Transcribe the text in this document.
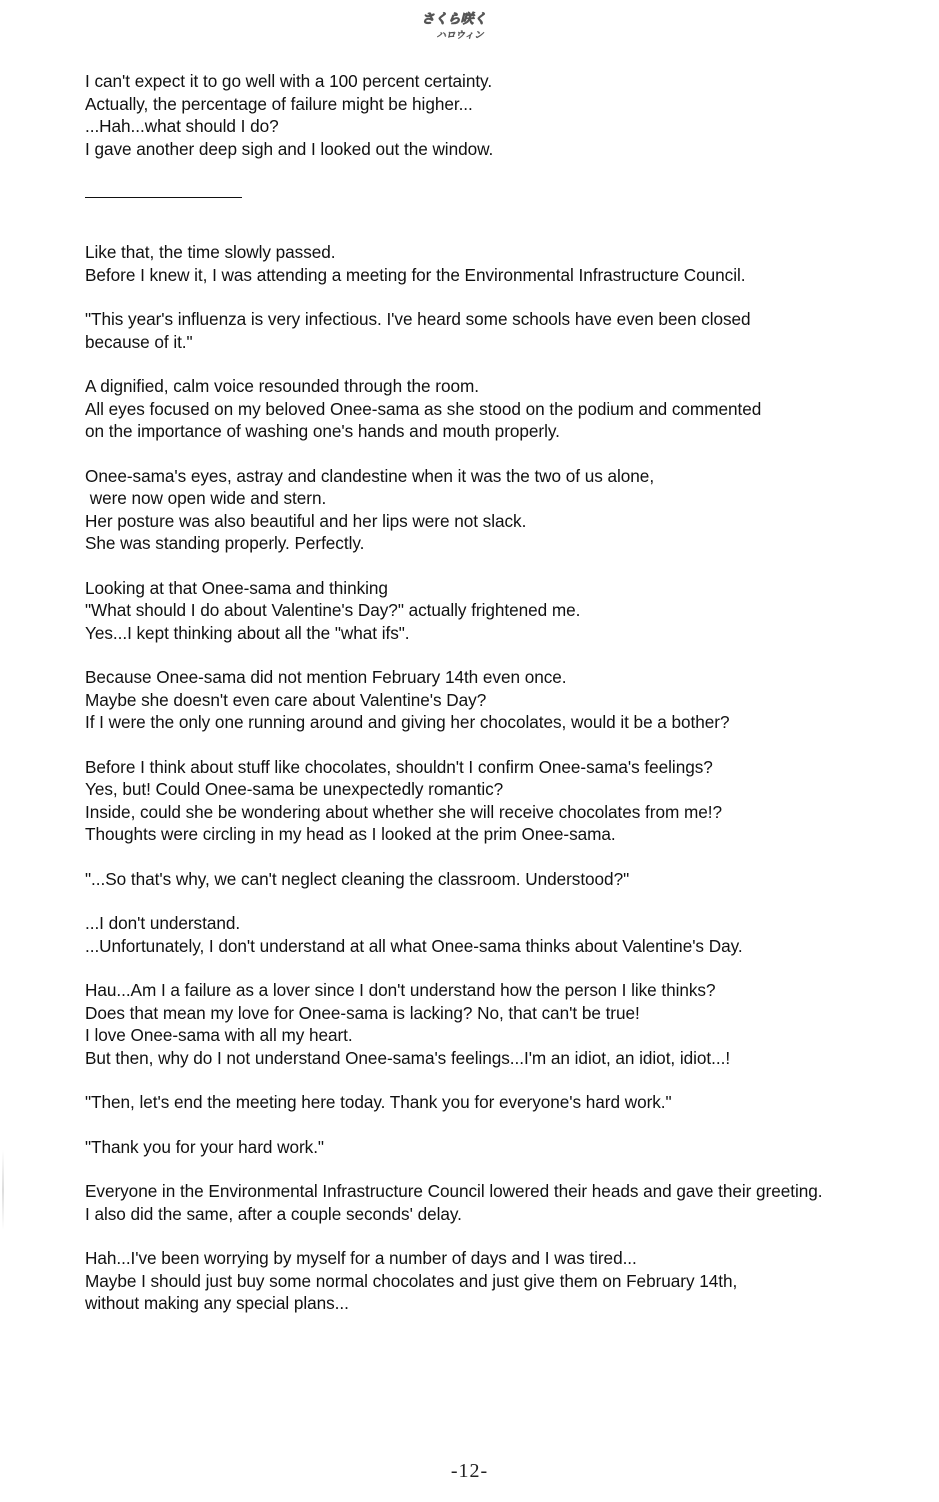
さくら咲く
ハロウィン
I can't expect it to go well with a 100 percent certainty.
Actually, the percentage of failure might be higher...
...Hah...what should I do?
I gave another deep sigh and I looked out the window.
Like that, the time slowly passed.
Before I knew it, I was attending a meeting for the Environmental Infrastructure Council.
"This year's influenza is very infectious. I've heard some schools have even been closed
because of it."
A dignified, calm voice resounded through the room.
All eyes focused on my beloved Onee-sama as she stood on the podium and commented
on the importance of washing one's hands and mouth properly.
Onee-sama's eyes, astray and clandestine when it was the two of us alone,
were now open wide and stern.
Her posture was also beautiful and her lips were not slack.
She was standing properly. Perfectly.
Looking at that Onee-sama and thinking
"What should I do about Valentine's Day?" actually frightened me.
Yes...I kept thinking about all the "what ifs".
Because Onee-sama did not mention February 14th even once.
Maybe she doesn't even care about Valentine's Day?
If I were the only one running around and giving her chocolates, would it be a bother?
Before I think about stuff like chocolates, shouldn't I confirm Onee-sama's feelings?
Yes, but! Could Onee-sama be unexpectedly romantic?
Inside, could she be wondering about whether she will receive chocolates from me!?
Thoughts were circling in my head as I looked at the prim Onee-sama.
"...So that's why, we can't neglect cleaning the classroom. Understood?"
...I don't understand.
...Unfortunately, I don't understand at all what Onee-sama thinks about Valentine's Day.
Hau...Am I a failure as a lover since I don't understand how the person I like thinks?
Does that mean my love for Onee-sama is lacking? No, that can't be true!
I love Onee-sama with all my heart.
But then, why do I not understand Onee-sama's feelings...I'm an idiot, an idiot, idiot...!
"Then, let's end the meeting here today. Thank you for everyone's hard work."
"Thank you for your hard work."
Everyone in the Environmental Infrastructure Council lowered their heads and gave their greeting.
I also did the same, after a couple seconds' delay.
Hah...I've been worrying by myself for a number of days and I was tired...
Maybe I should just buy some normal chocolates and just give them on February 14th,
without making any special plans...
-12-
